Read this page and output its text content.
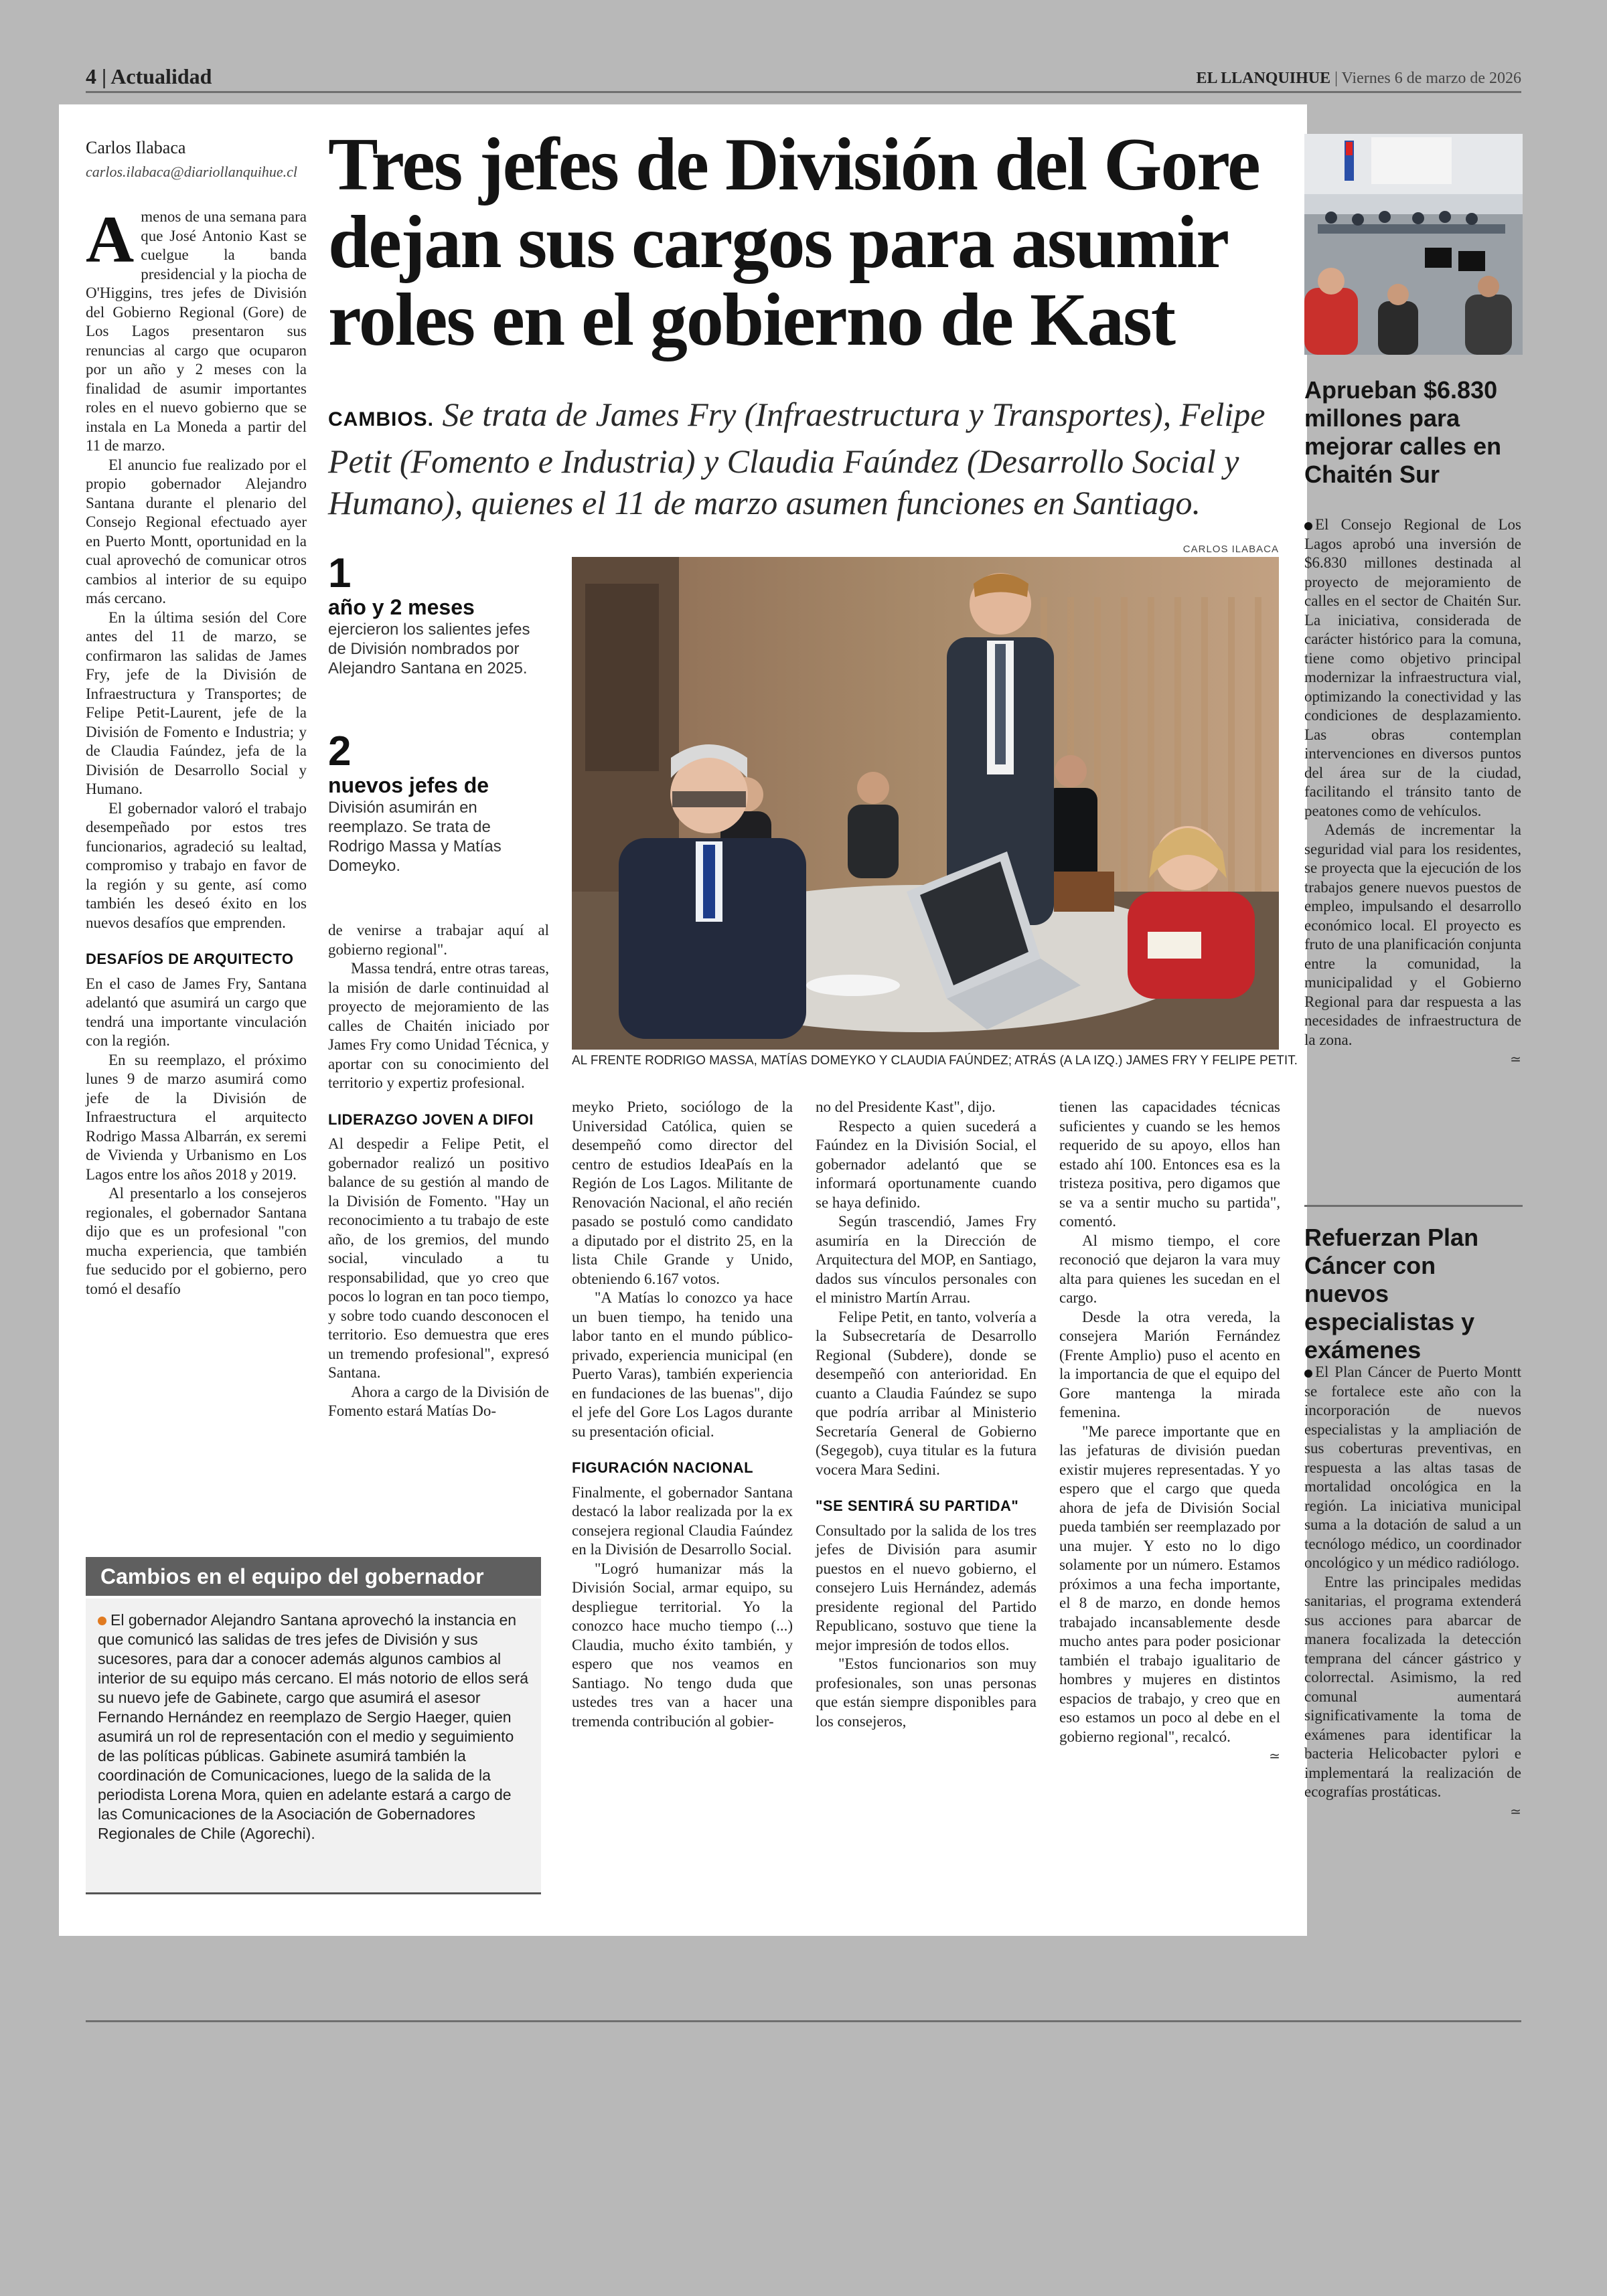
4 | Actualidad	EL LLANQUIHUE | Viernes 6 de marzo de 2026
Carlos Ilabaca
carlos.ilabaca@diariollanquihue.cl Tres jefes de División del Gore dejan sus cargos para asumir roles en el gobierno de Kast
CAMBIOS. Se trata de James Fry (Infraestructura y Transportes), Felipe Petit (Fomento e Industria) y Claudia Faúndez (Desarrollo Social y Humano), quienes el 11 de marzo asumen funciones en Santiago.

Amenos de una semana para que José Antonio Kast se cuelgue la banda presidencial y la piocha de O'Higgins, tres jefes de División del Gobierno Regional (Gore) de Los Lagos presentaron sus renuncias al cargo que ocuparon por un año y 2 meses con la finalidad de asumir importantes roles en el nuevo gobierno que se instala en La Moneda a partir del 11 de marzo.

El anuncio fue realizado por el propio gobernador Alejandro Santana durante el plenario del Consejo Regional efectuado ayer en Puerto Montt, oportunidad en la cual aprovechó de comunicar otros cambios al interior de su equipo más cercano.

En la última sesión del Core antes del 11 de marzo, se confirmaron las salidas de James Fry, jefe de la División de Infraestructura y Transportes; de Felipe Petit-Laurent, jefe de la División de Fomento e Industria; y de Claudia Faúndez, jefa de la División de Desarrollo Social y Humano.

El gobernador valoró el trabajo desempeñado por estos tres funcionarios, agradeció su lealtad, compromiso y trabajo en favor de la región y su gente, así como también les deseó éxito en los nuevos desafíos que emprenden.

DESAFÍOS DE ARQUITECTO

En el caso de James Fry, Santana adelantó que asumirá un cargo que tendrá una importante vinculación con la región.

En su reemplazo, el próximo lunes 9 de marzo asumirá como jefe de la División de Infraestructura el arquitecto Rodrigo Massa Albarrán, ex seremi de Vivienda y Urbanismo en Los Lagos entre los años 2018 y 2019.

Al presentarlo a los consejeros regionales, el gobernador Santana dijo que es un profesional "con mucha experiencia, que también fue seducido por el gobierno, pero tomó el desafío

1
año y 2 meses
ejercieron los salientes jefes de División nombrados por Alejandro Santana en 2025.
2
nuevos jefes de
División asumirán en reemplazo. Se trata de Rodrigo Massa y Matías Domeyko.

de venirse a trabajar aquí al gobierno regional".

Massa tendrá, entre otras tareas, la misión de darle continuidad al proyecto de mejoramiento de las calles de Chaitén iniciado por James Fry como Unidad Técnica, y aportar con su conocimiento del territorio y expertiz profesional.

LIDERAZGO JOVEN A DIFOI

Al despedir a Felipe Petit, el gobernador realizó un positivo balance de su gestión al mando de la División de Fomento. "Hay un reconocimiento a tu trabajo de este año, de los gremios, del mundo social, vinculado a tu responsabilidad, que yo creo que pocos lo logran en tan poco tiempo, y sobre todo cuando desconocen el territorio. Eso demuestra que eres un tremendo profesional", expresó Santana.

Ahora a cargo de la División de Fomento estará Matías Do-

CARLOS ILABACA
AL FRENTE RODRIGO MASSA, MATÍAS DOMEYKO Y CLAUDIA FAÚNDEZ; ATRÁS (A LA IZQ.) JAMES FRY Y FELIPE PETIT.

meyko Prieto, sociólogo de la Universidad Católica, quien se desempeñó como director del centro de estudios IdeaPaís en la Región de Los Lagos. Militante de Renovación Nacional, el año recién pasado se postuló como candidato a diputado por el distrito 25, en la lista Chile Grande y Unido, obteniendo 6.167 votos.

"A Matías lo conozco ya hace un buen tiempo, ha tenido una labor tanto en el mundo público-privado, experiencia municipal (en Puerto Varas), también experiencia en fundaciones de las buenas", dijo el jefe del Gore Los Lagos durante su presentación oficial.

FIGURACIÓN NACIONAL

Finalmente, el gobernador Santana destacó la labor realizada por la ex consejera regional Claudia Faúndez en la División de Desarrollo Social.

"Logró humanizar más la División Social, armar equipo, su despliegue territorial. Yo la conozco hace mucho tiempo (...) Claudia, mucho éxito también, y espero que nos veamos en Santiago. No tengo duda que ustedes tres van a hacer una tremenda contribución al gobier-

no del Presidente Kast", dijo.

Respecto a quien sucederá a Faúndez en la División Social, el gobernador adelantó que se informará oportunamente cuando se haya definido.

Según trascendió, James Fry asumiría en la Dirección de Arquitectura del MOP, en Santiago, dados sus vínculos personales con el ministro Martín Arrau.

Felipe Petit, en tanto, volvería a la Subsecretaría de Desarrollo Regional (Subdere), donde se desempeñó con anterioridad. En cuanto a Claudia Faúndez se supo que podría arribar al Ministerio Secretaría General de Gobierno (Segegob), cuya titular es la futura vocera Mara Sedini.

"SE SENTIRÁ SU PARTIDA"

Consultado por la salida de los tres jefes de División para asumir puestos en el nuevo gobierno, el consejero Luis Hernández, además presidente regional del Partido Republicano, sostuvo que tiene la mejor impresión de todos ellos.

"Estos funcionarios son muy profesionales, son unas personas que están siempre disponibles para los consejeros,

tienen las capacidades técnicas suficientes y cuando se les hemos requerido de su apoyo, ellos han estado ahí 100. Entonces esa es la tristeza positiva, pero digamos que se va a sentir mucho su partida", comentó.

Al mismo tiempo, el core reconoció que dejaron la vara muy alta para quienes les sucedan en el cargo.

Desde la otra vereda, la consejera Marión Fernández (Frente Amplio) puso el acento en la importancia de que el equipo del Gore mantenga la mirada femenina.

"Me parece importante que en las jefaturas de división puedan existir mujeres representadas. Y yo espero que el cargo que queda ahora de jefa de División Social pueda también ser reemplazado por una mujer. Y esto no lo digo solamente por un número. Estamos próximos a una fecha importante, el 8 de marzo, en donde hemos trabajado incansablemente desde mucho antes para poder posicionar también el trabajo igualitario de hombres y mujeres en distintos espacios de trabajo, y creo que en eso estamos un poco al debe en el gobierno regional", recalcó.

≃

Cambios en el equipo del gobernador
El gobernador Alejandro Santana aprovechó la instancia en que comunicó las salidas de tres jefes de División y sus sucesores, para dar a conocer además algunos cambios al interior de su equipo más cercano. El más notorio de ellos será su nuevo jefe de Gabinete, cargo que asumirá el asesor Fernando Hernández en reemplazo de Sergio Haeger, quien asumirá un rol de representación con el medio y seguimiento de las políticas públicas. Gabinete asumirá también la coordinación de Comunicaciones, luego de la salida de la periodista Lorena Mora, quien en adelante estará a cargo de las Comunicaciones de la Asociación de Gobernadores Regionales de Chile (Agorechi).
Aprueban $6.830 millones para mejorar calles en Chaitén Sur

El Consejo Regional de Los Lagos aprobó una inversión de $6.830 millones destinada al proyecto de mejoramiento de calles en el sector de Chaitén Sur. La iniciativa, considerada de carácter histórico para la comuna, tiene como objetivo principal modernizar la infraestructura vial, optimizando la conectividad y las condiciones de desplazamiento. Las obras contemplan intervenciones en diversos puntos del área sur de la ciudad, facilitando el tránsito tanto de peatones como de vehículos.

Además de incrementar la seguridad vial para los residentes, se proyecta que la ejecución de los trabajos genere nuevos puestos de empleo, impulsando el desarrollo económico local. El proyecto es fruto de una planificación conjunta entre la comunidad, la municipalidad y el Gobierno Regional para dar respuesta a las necesidades de infraestructura de la zona.

≃

Refuerzan Plan Cáncer con nuevos especialistas y exámenes

El Plan Cáncer de Puerto Montt se fortalece este año con la incorporación de nuevos especialistas y la ampliación de sus coberturas preventivas, en respuesta a las altas tasas de mortalidad oncológica en la región. La iniciativa municipal suma a la dotación de salud a un tecnólogo médico, un coordinador oncológico y un médico radiólogo.

Entre las principales medidas sanitarias, el programa extenderá sus acciones para abarcar de manera focalizada la detección temprana del cáncer gástrico y colorrectal. Asimismo, la red comunal aumentará significativamente la toma de exámenes para identificar la bacteria Helicobacter pylori e implementará la realización de ecografías prostáticas.

≃
